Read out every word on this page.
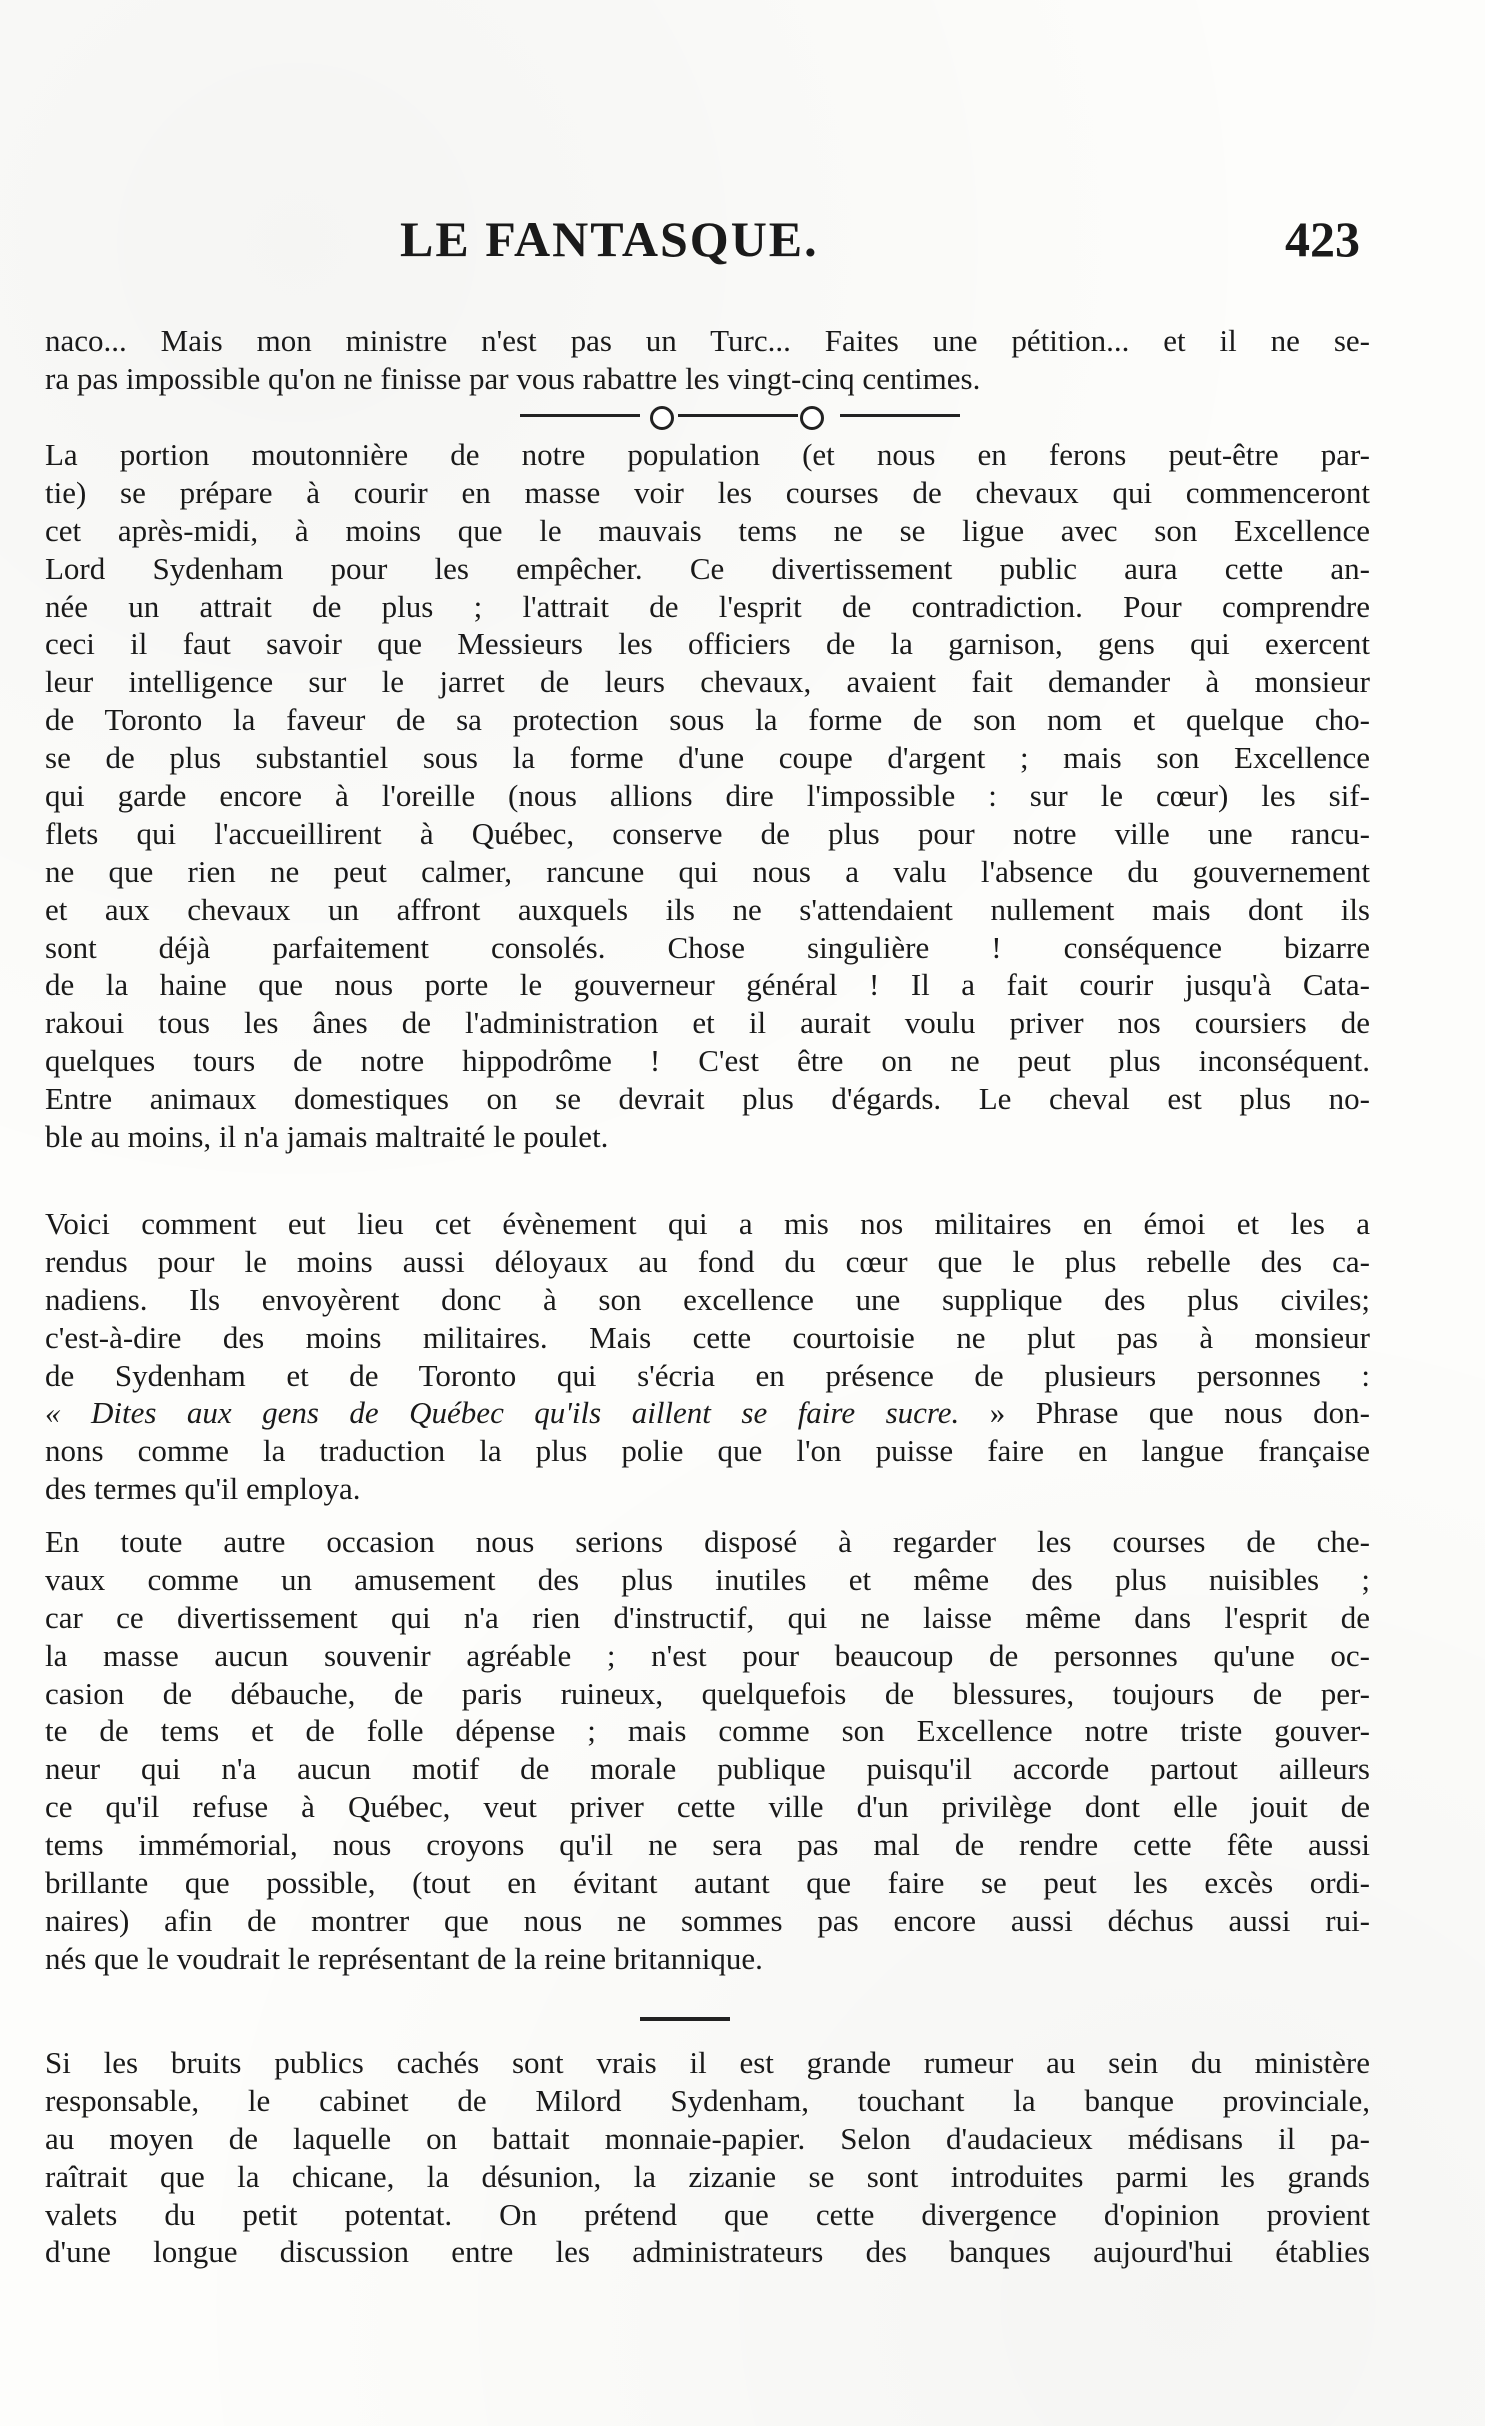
LE FANTASQUE.	423
naco... Mais mon ministre n'est pas un Turc... Faites une pétition... et il ne se-
ra pas impossible qu'on ne finisse par vous rabattre les vingt-cinq centimes.
La portion moutonnière de notre population (et nous en ferons peut-être par-
tie) se prépare à courir en masse voir les courses de chevaux qui commenceront
cet après-midi, à moins que le mauvais tems ne se ligue avec son Excellence
Lord Sydenham pour les empêcher. Ce divertissement public aura cette an-
née un attrait de plus ; l'attrait de l'esprit de contradiction. Pour comprendre
ceci il faut savoir que Messieurs les officiers de la garnison, gens qui exercent
leur intelligence sur le jarret de leurs chevaux, avaient fait demander à monsieur
de Toronto la faveur de sa protection sous la forme de son nom et quelque cho-
se de plus substantiel sous la forme d'une coupe d'argent ; mais son Excellence
qui garde encore à l'oreille (nous allions dire l'impossible : sur le cœur) les sif-
flets qui l'accueillirent à Québec, conserve de plus pour notre ville une rancu-
ne que rien ne peut calmer, rancune qui nous a valu l'absence du gouvernement
et aux chevaux un affront auxquels ils ne s'attendaient nullement mais dont ils
sont déjà parfaitement consolés. Chose singulière ! conséquence bizarre
de la haine que nous porte le gouverneur général ! Il a fait courir jusqu'à Cata-
rakoui tous les ânes de l'administration et il aurait voulu priver nos coursiers de
quelques tours de notre hippodrôme ! C'est être on ne peut plus inconséquent.
Entre animaux domestiques on se devrait plus d'égards. Le cheval est plus no-
ble au moins, il n'a jamais maltraité le poulet.
Voici comment eut lieu cet évènement qui a mis nos militaires en émoi et les a
rendus pour le moins aussi déloyaux au fond du cœur que le plus rebelle des ca-
nadiens. Ils envoyèrent donc à son excellence une supplique des plus civiles;
c'est-à-dire des moins militaires. Mais cette courtoisie ne plut pas à monsieur
de Sydenham et de Toronto qui s'écria en présence de plusieurs personnes :
« Dites aux gens de Québec qu'ils aillent se faire sucre. » Phrase que nous don-
nons comme la traduction la plus polie que l'on puisse faire en langue française
des termes qu'il employa.
En toute autre occasion nous serions disposé à regarder les courses de che-
vaux comme un amusement des plus inutiles et même des plus nuisibles ;
car ce divertissement qui n'a rien d'instructif, qui ne laisse même dans l'esprit de
la masse aucun souvenir agréable ; n'est pour beaucoup de personnes qu'une oc-
casion de débauche, de paris ruineux, quelquefois de blessures, toujours de per-
te de tems et de folle dépense ; mais comme son Excellence notre triste gouver-
neur qui n'a aucun motif de morale publique puisqu'il accorde partout ailleurs
ce qu'il refuse à Québec, veut priver cette ville d'un privilège dont elle jouit de
tems immémorial, nous croyons qu'il ne sera pas mal de rendre cette fête aussi
brillante que possible, (tout en évitant autant que faire se peut les excès ordi-
naires) afin de montrer que nous ne sommes pas encore aussi déchus aussi rui-
nés que le voudrait le représentant de la reine britannique.
Si les bruits publics cachés sont vrais il est grande rumeur au sein du ministère
responsable, le cabinet de Milord Sydenham, touchant la banque provinciale,
au moyen de laquelle on battait monnaie-papier. Selon d'audacieux médisans il pa-
raîtrait que la chicane, la désunion, la zizanie se sont introduites parmi les grands
valets du petit potentat. On prétend que cette divergence d'opinion provient
d'une longue discussion entre les administrateurs des banques aujourd'hui établies
